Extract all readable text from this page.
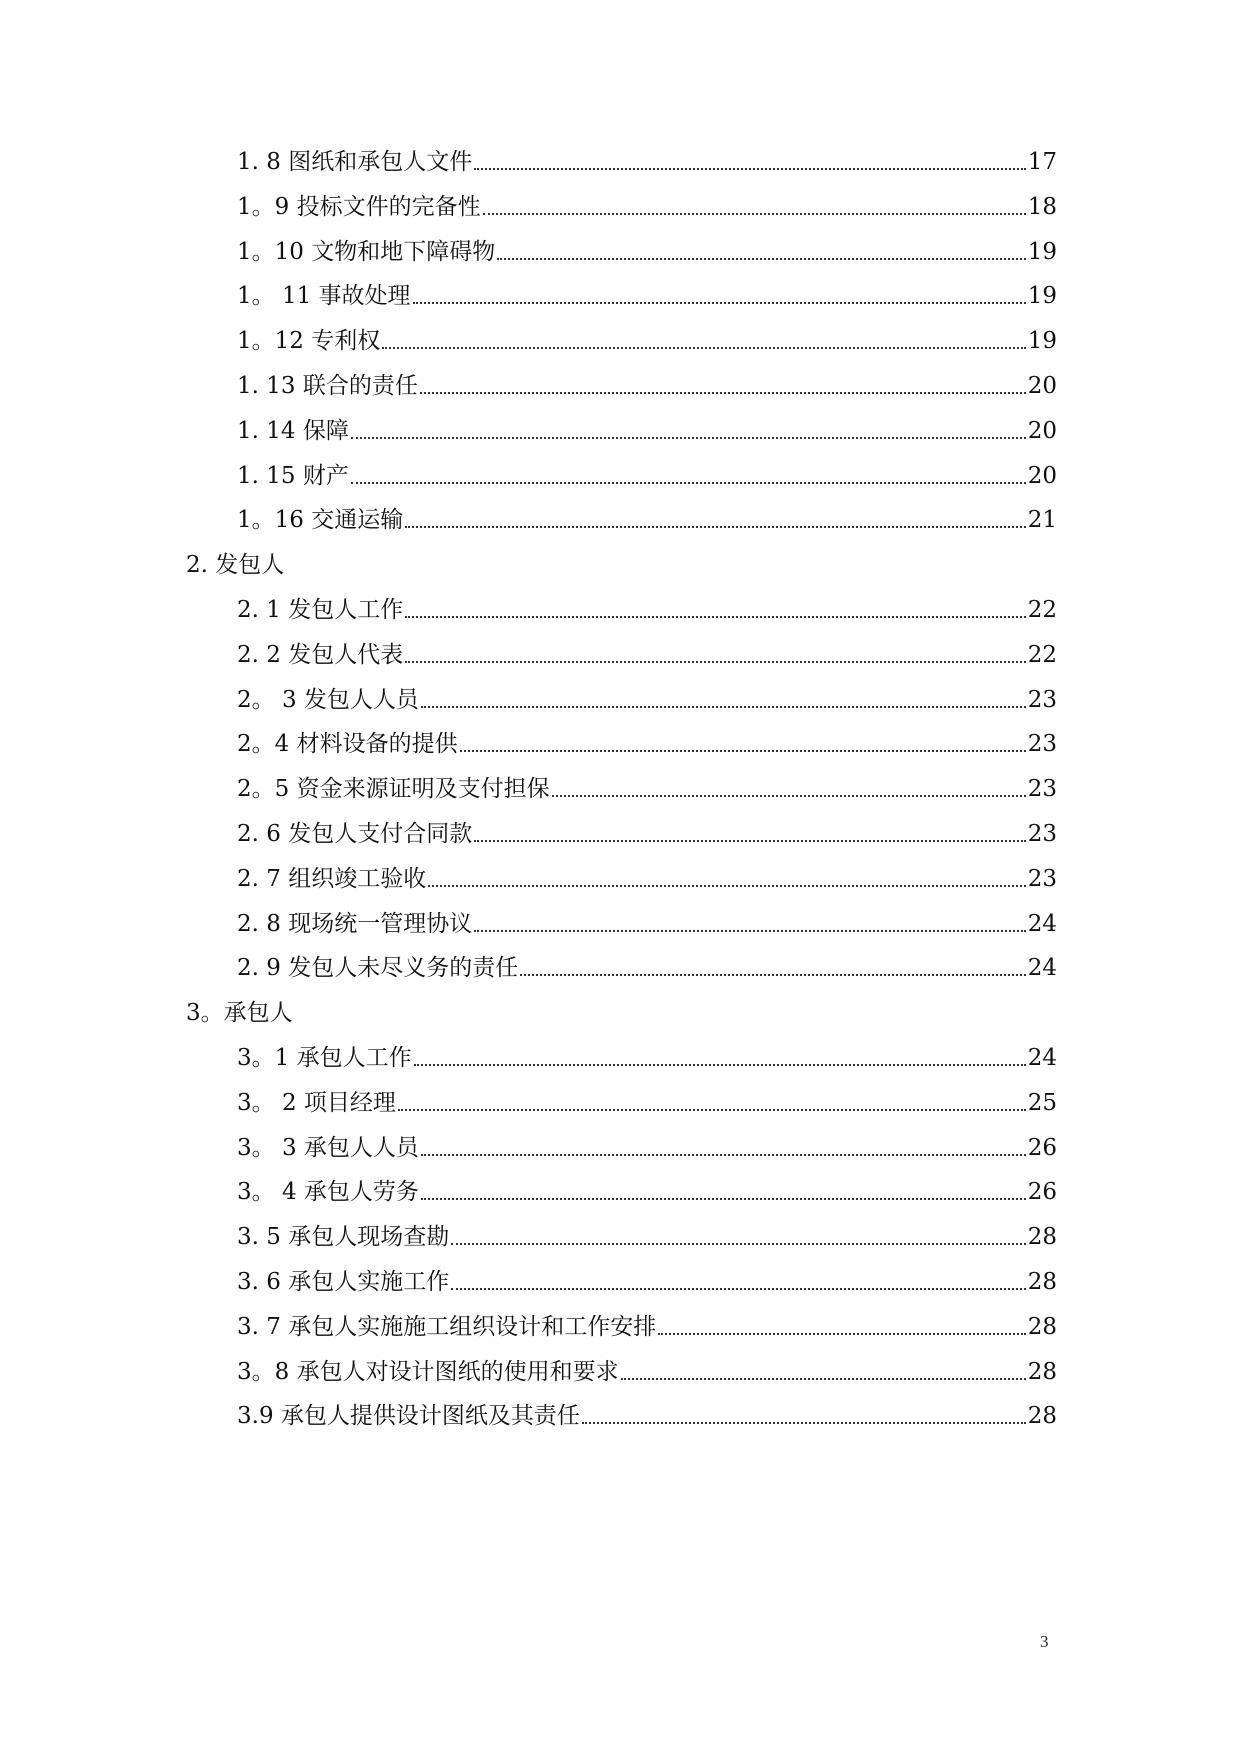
1. 8 图纸和承包人文件	17
1。9 投标文件的完备性	18
1。10 文物和地下障碍物	19
1。 11 事故处理	19
1。12 专利权	19
1. 13 联合的责任	20
1. 14 保障	20
1. 15 财产	20
1。16 交通运输	21
2. 发包人
2. 1 发包人工作	22
2. 2 发包人代表	22
2。 3 发包人人员	23
2。4 材料设备的提供	23
2。5 资金来源证明及支付担保	23
2. 6 发包人支付合同款	23
2. 7 组织竣工验收	23
2. 8 现场统一管理协议	24
2. 9 发包人未尽义务的责任	24
3。承包人
3。1 承包人工作	24
3。 2 项目经理	25
3。 3 承包人人员	26
3。 4 承包人劳务	26
3. 5 承包人现场查勘	28
3. 6 承包人实施工作	28
3. 7 承包人实施施工组织设计和工作安排	28
3。8 承包人对设计图纸的使用和要求	28
3.9 承包人提供设计图纸及其责任	28
3
